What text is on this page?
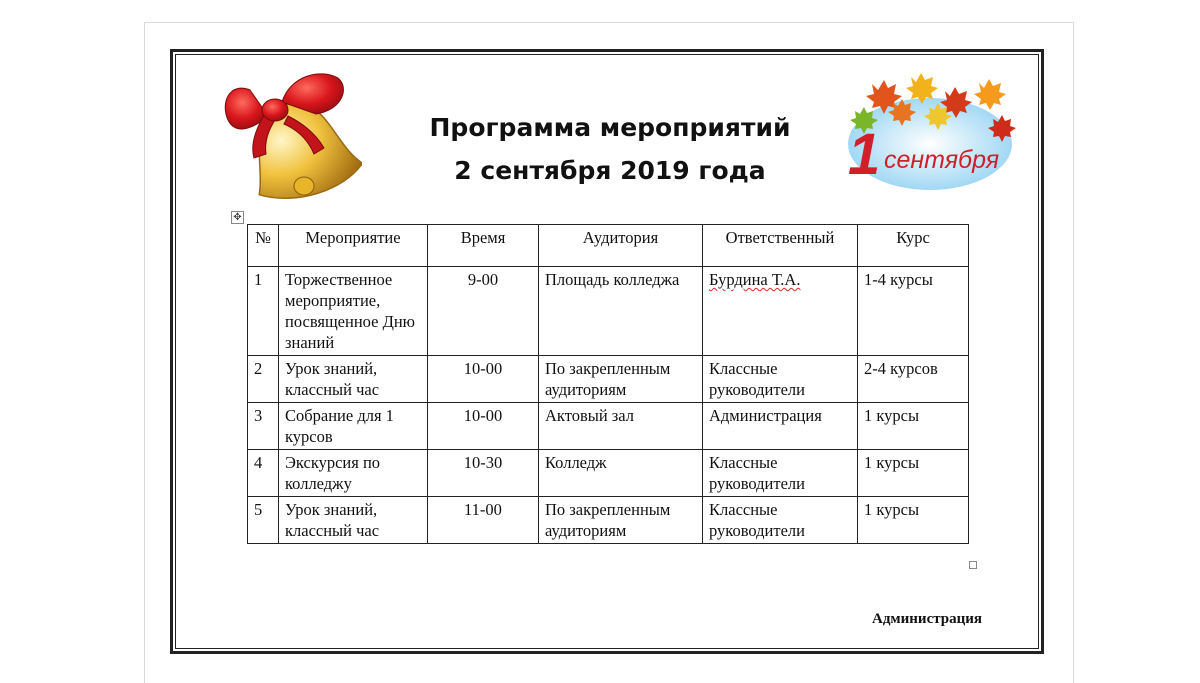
1 сентября
Программа мероприятий
2 сентября 2019 года
✥
№	Мероприятие	Время	Аудитория	Ответственный	Курс
1	Торжественное мероприятие, посвященное Дню знаний	9-00	Площадь колледжа	Бурдина Т.А.	1-4 курсы
2	Урок знаний, классный час	10-00	По закрепленным аудиториям	Классные руководители	2-4 курсов
3	Собрание для 1 курсов	10-00	Актовый зал	Администрация	1 курсы
4	Экскурсия по колледжу	10-30	Колледж	Классные руководители	1 курсы
5	Урок знаний, классный час	11-00	По закрепленным аудиториям	Классные руководители	1 курсы
Администрация
